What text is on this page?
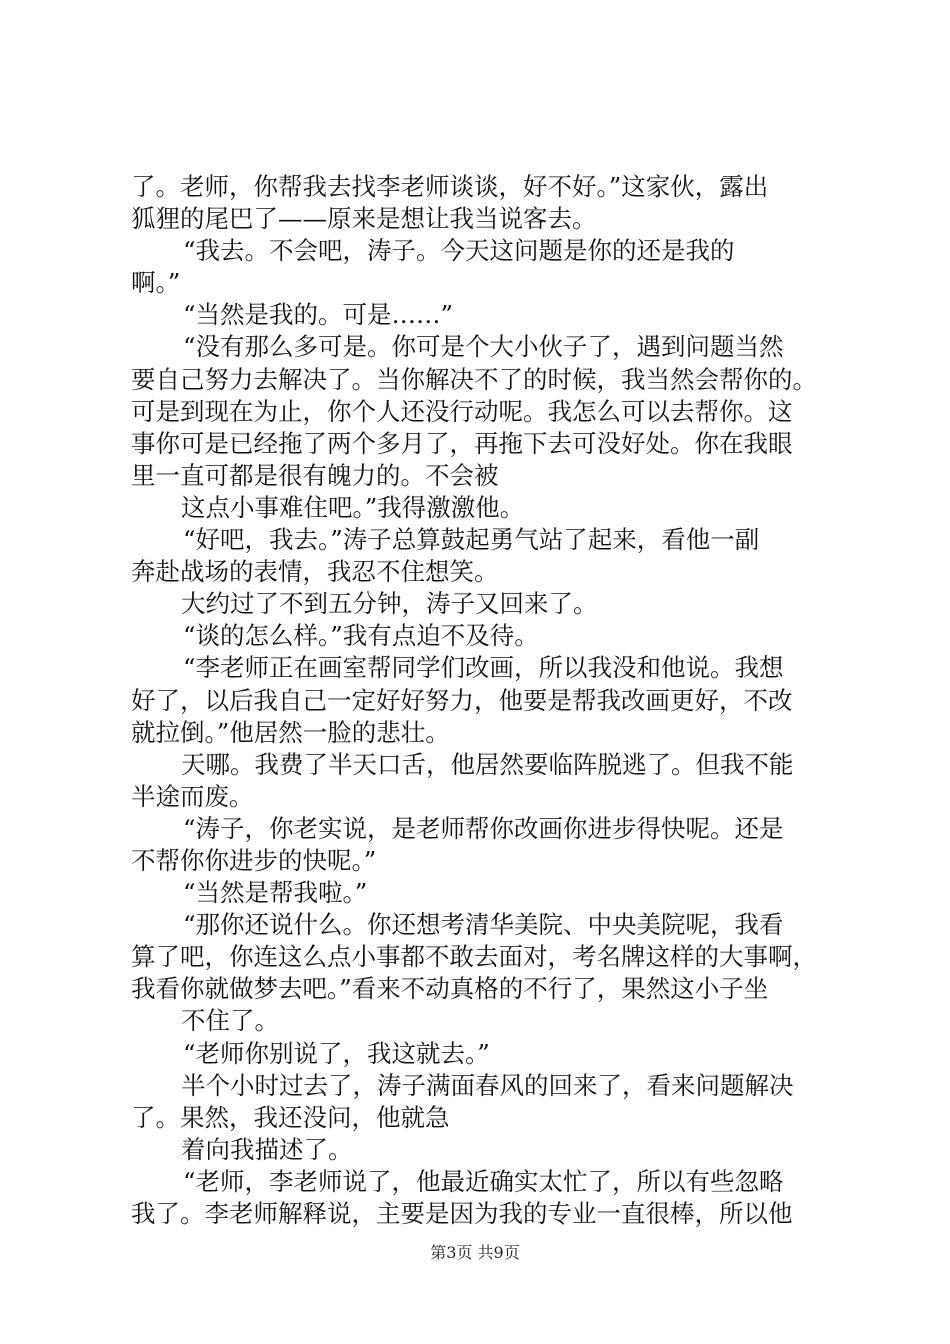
了。老师，你帮我去找李老师谈谈，好不好。”这家伙，露出
狐狸的尾巴了——原来是想让我当说客去。
“我去。不会吧，涛子。今天这问题是你的还是我的
啊。”
“当然是我的。可是……”
“没有那么多可是。你可是个大小伙子了，遇到问题当然
要自己努力去解决了。当你解决不了的时候，我当然会帮你的。
可是到现在为止，你个人还没行动呢。我怎么可以去帮你。这
事你可是已经拖了两个多月了，再拖下去可没好处。你在我眼
里一直可都是很有魄力的。不会被
这点小事难住吧。”我得激激他。
“好吧，我去。”涛子总算鼓起勇气站了起来，看他一副
奔赴战场的表情，我忍不住想笑。
大约过了不到五分钟，涛子又回来了。
“谈的怎么样。”我有点迫不及待。
“李老师正在画室帮同学们改画，所以我没和他说。我想
好了，以后我自己一定好好努力，他要是帮我改画更好，不改
就拉倒。”他居然一脸的悲壮。
天哪。我费了半天口舌，他居然要临阵脱逃了。但我不能
半途而废。
“涛子，你老实说，是老师帮你改画你进步得快呢。还是
不帮你你进步的快呢。”
“当然是帮我啦。”
“那你还说什么。你还想考清华美院、中央美院呢，我看
算了吧，你连这么点小事都不敢去面对，考名牌这样的大事啊，
我看你就做梦去吧。”看来不动真格的不行了，果然这小子坐
不住了。
“老师你别说了，我这就去。”
半个小时过去了，涛子满面春风的回来了，看来问题解决
了。果然，我还没问，他就急
着向我描述了。
“老师，李老师说了，他最近确实太忙了，所以有些忽略
我了。李老师解释说，主要是因为我的专业一直很棒，所以他
第3页 共9页
